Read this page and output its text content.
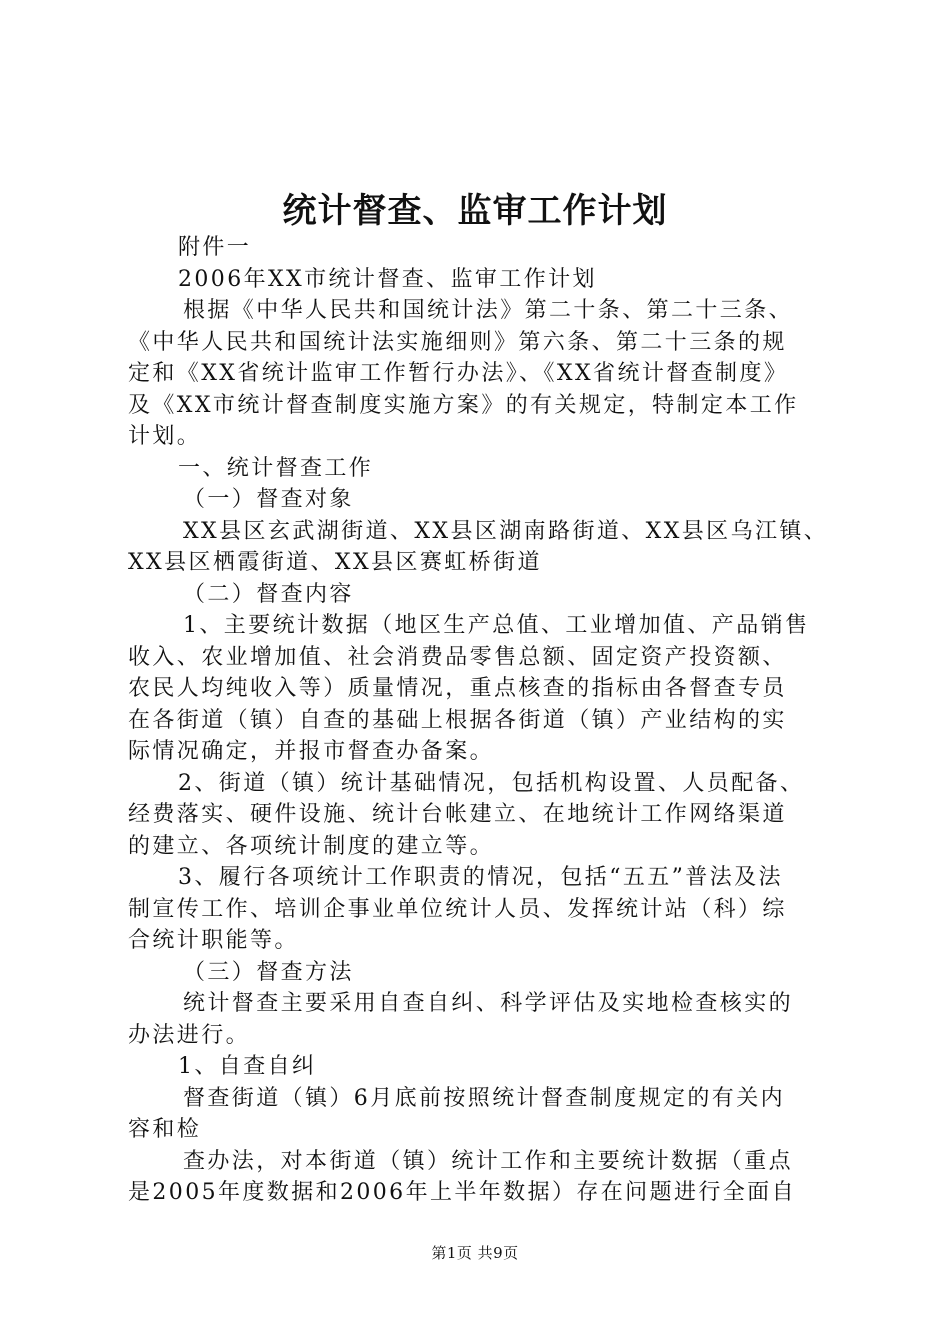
统计督查、监审工作计划
附件一
2006年XX市统计督查、监审工作计划
根据《中华人民共和国统计法》第二十条、第二十三条、
《中华人民共和国统计法实施细则》第六条、第二十三条的规
定和《XX省统计监审工作暂行办法》、《XX省统计督查制度》
及《XX市统计督查制度实施方案》的有关规定，特制定本工作
计划。
一、统计督查工作
（一）督查对象
XX县区玄武湖街道、XX县区湖南路街道、XX县区乌江镇、
XX县区栖霞街道、XX县区赛虹桥街道
（二）督查内容
1、主要统计数据（地区生产总值、工业增加值、产品销售
收入、农业增加值、社会消费品零售总额、固定资产投资额、
农民人均纯收入等）质量情况，重点核查的指标由各督查专员
在各街道（镇）自查的基础上根据各街道（镇）产业结构的实
际情况确定，并报市督查办备案。
2、街道（镇）统计基础情况，包括机构设置、人员配备、
经费落实、硬件设施、统计台帐建立、在地统计工作网络渠道
的建立、各项统计制度的建立等。
3、履行各项统计工作职责的情况，包括“五五”普法及法
制宣传工作、培训企事业单位统计人员、发挥统计站（科）综
合统计职能等。
（三）督查方法
统计督查主要采用自查自纠、科学评估及实地检查核实的
办法进行。
1、自查自纠
督查街道（镇）6月底前按照统计督查制度规定的有关内
容和检
查办法，对本街道（镇）统计工作和主要统计数据（重点
是2005年度数据和2006年上半年数据）存在问题进行全面自
第1页 共9页
